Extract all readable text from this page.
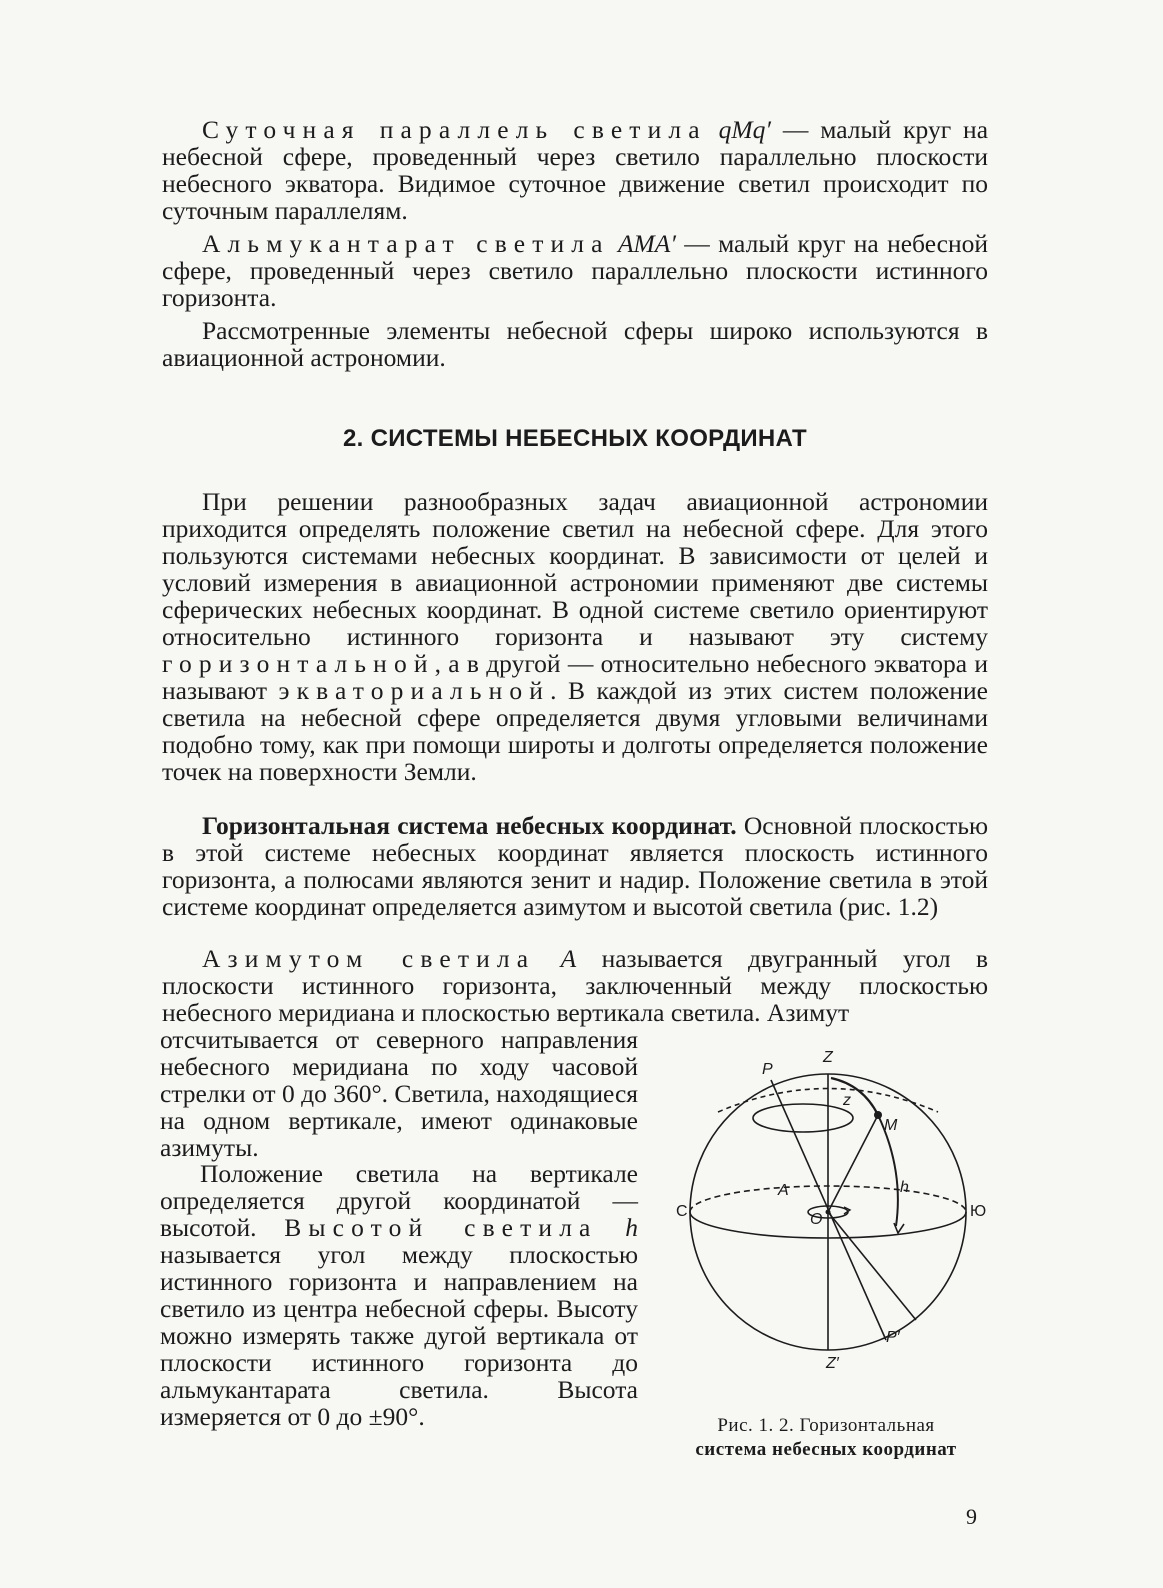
Суточная параллель светила qMq′ — малый круг на небесной сфере, проведенный через светило параллельно плоскости небесного экватора. Видимое суточное движение светил происходит по суточным параллелям.

Альмукантарат светила AMA′ — малый круг на небесной сфере, проведенный через светило параллельно плоскости истинного горизонта.

Рассмотренные элементы небесной сферы широко используются в авиационной астрономии.

2. СИСТЕМЫ НЕБЕСНЫХ КООРДИНАТ

При решении разнообразных задач авиационной астрономии приходится определять положение светил на небесной сфере. Для этого пользуются системами небесных координат. В зависимости от целей и условий измерения в авиационной астрономии применяют две системы сферических небесных координат. В одной системе светило ориентируют относительно истинного горизонта и называют эту систему горизонтальной, а в другой — относительно небесного экватора и называют экваториальной. В каждой из этих систем положение светила на небесной сфере определяется двумя угловыми величинами подобно тому, как при помощи широты и долготы определяется положение точек на поверхности Земли.

Горизонтальная система небесных координат. Основной плоскостью в этой системе небесных координат является плоскость истинного горизонта, а полюсами являются зенит и надир. Положение светила в этой системе координат определяется азимутом и высотой светила (рис. 1.2)

Азимутом светила A называется двугранный угол в плоскости истинного горизонта, заключенный между плоскостью небесного меридиана и плоскостью вертикала светила. Азимут

отсчитывается от северного направления небесного меридиана по ходу часовой стрелки от 0 до 360°. Светила, находящиеся на одном вертикале, имеют одинаковые азимуты.

Положение светила на вертикале определяется другой координатой — высотой. Высотой светила h называется угол между плоскостью истинного горизонта и направлением на светило из центра небесной сферы. Высоту можно измерять также дугой вертикала от плоскости истинного горизонта до альмукантарата светила. Высота измеряется от 0 до ±90°.

Z
P
z
M
A	h
O
С	Ю
P′
Z′
Рис. 1. 2. Горизонтальная
система небесных координат
9
